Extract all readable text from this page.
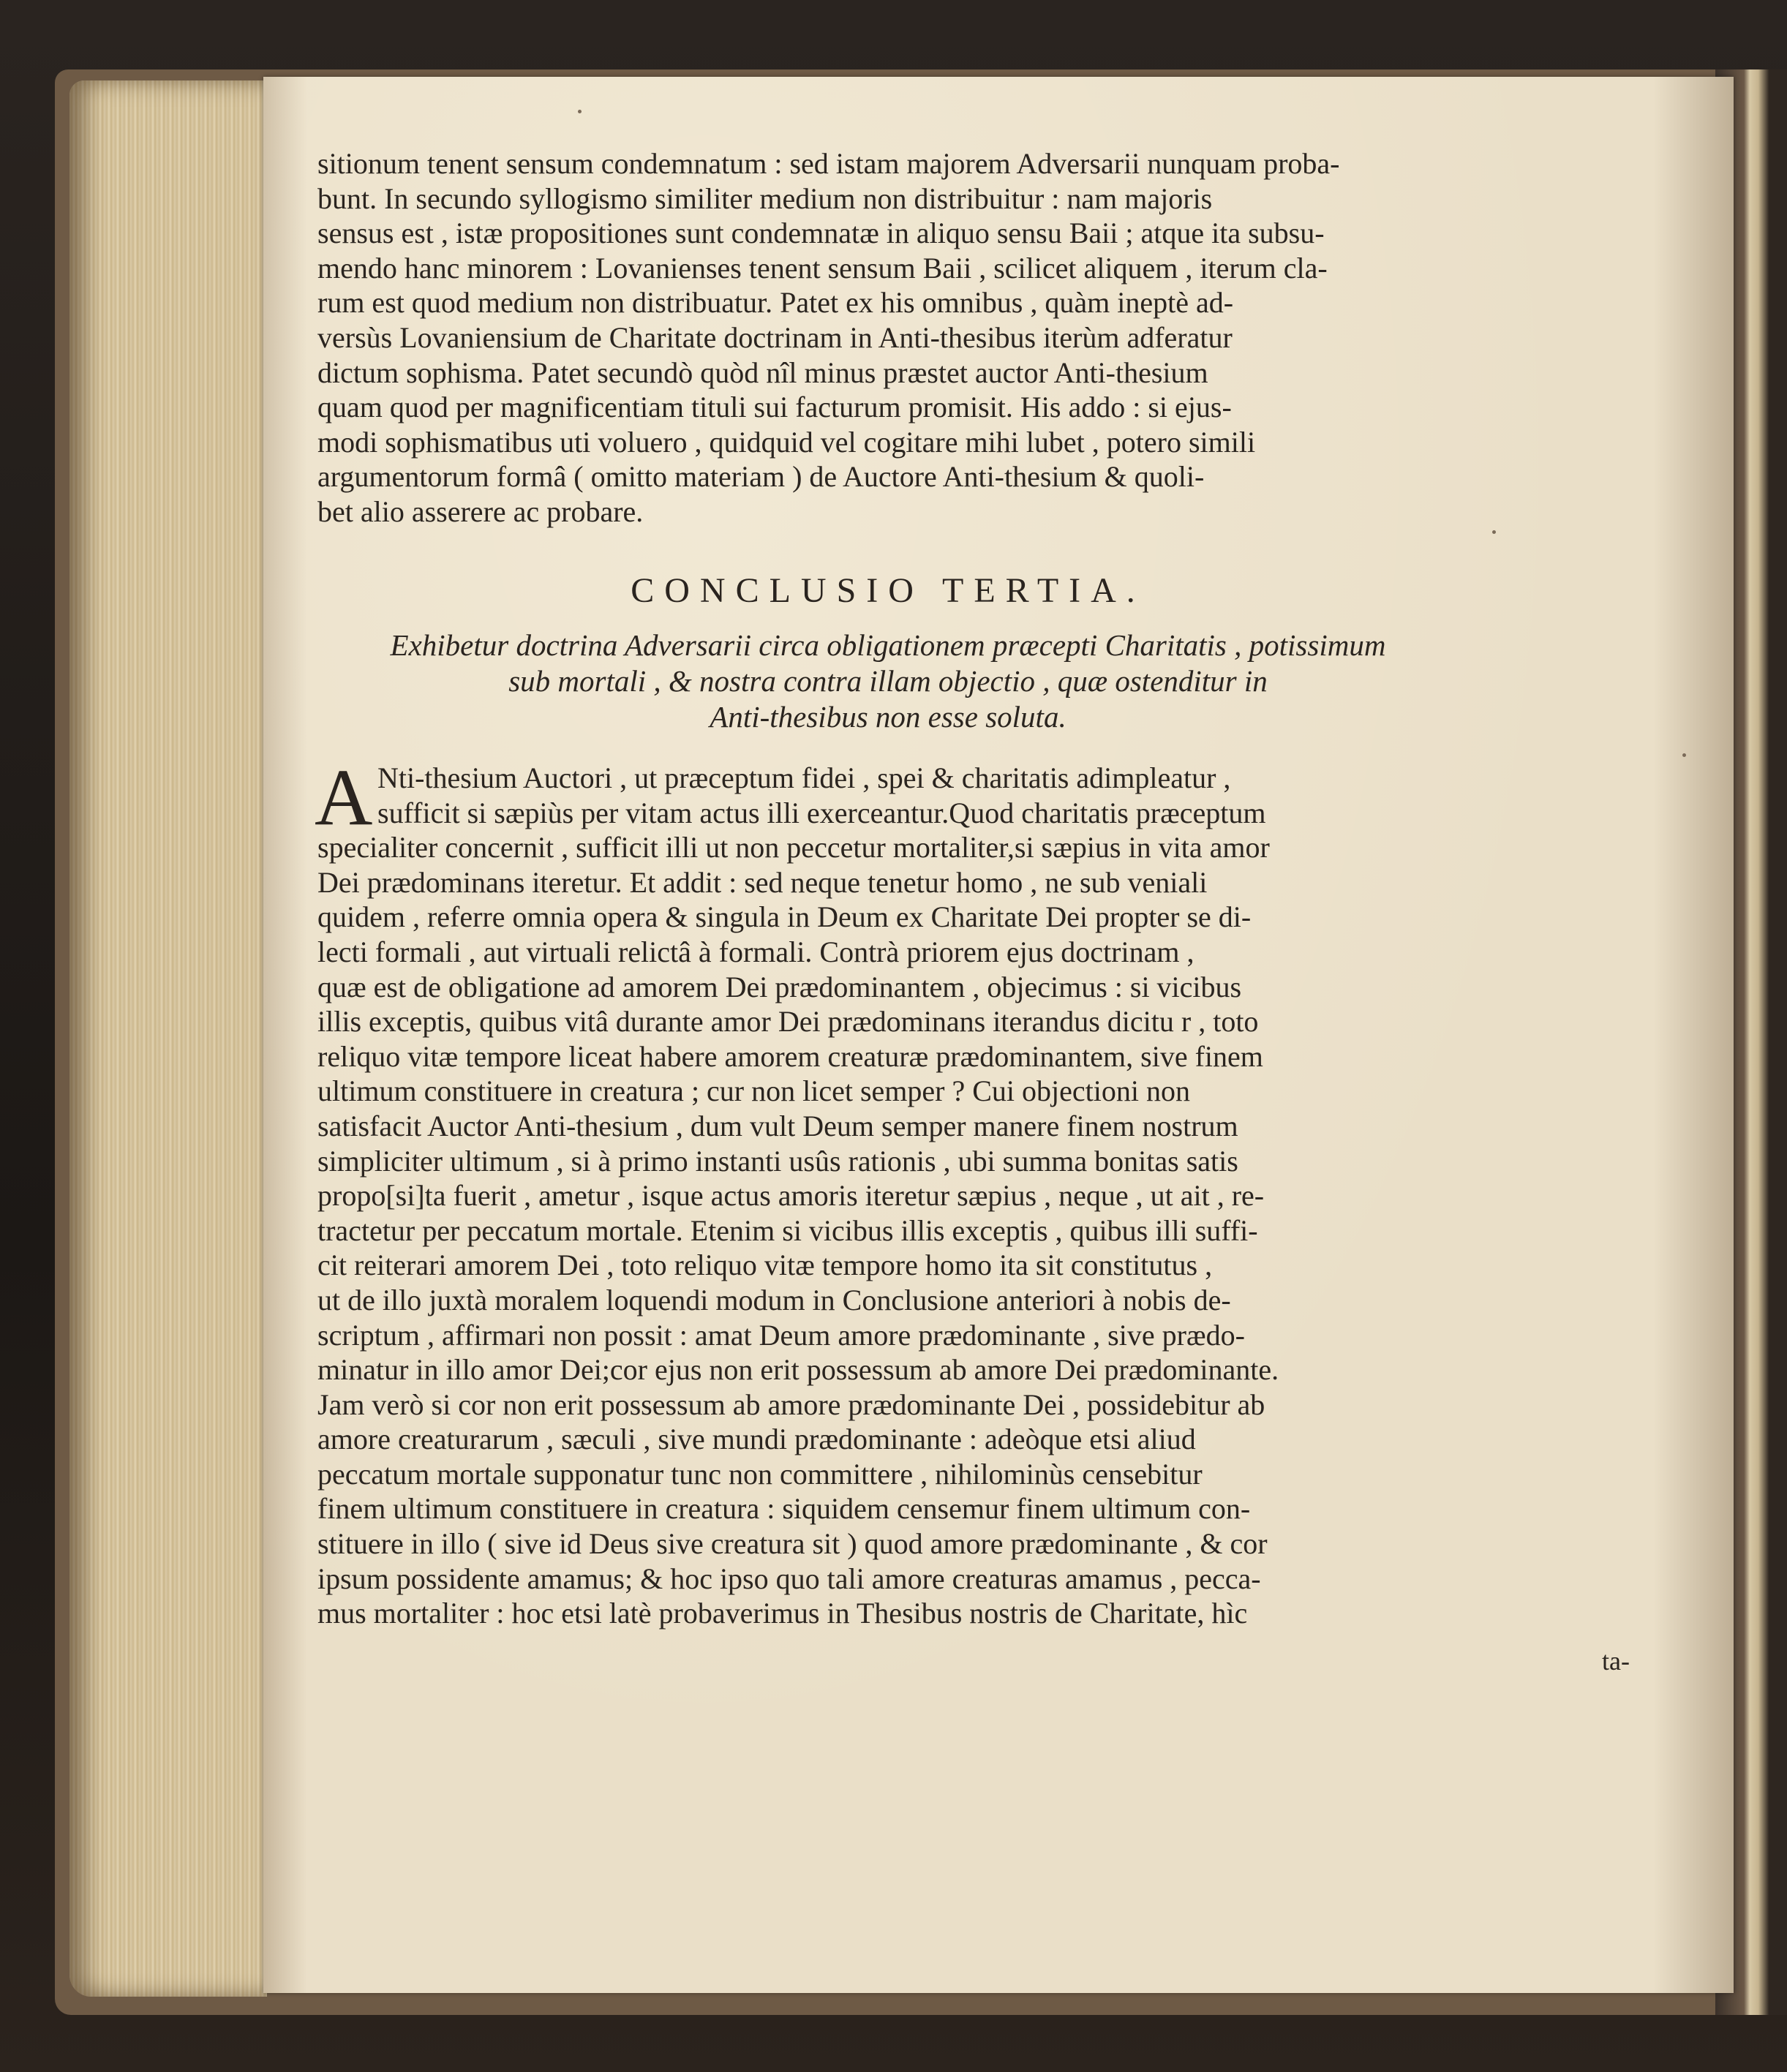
sitionum tenent sensum condemnatum : sed istam majorem Adversarii nunquam proba-
bunt. In secundo syllogismo similiter medium non distribuitur : nam majoris
sensus est , istæ propositiones sunt condemnatæ in aliquo sensu Baii ; atque ita subsu-
mendo hanc minorem : Lovanienses tenent sensum Baii , scilicet aliquem , iterum cla-
rum est quod medium non distribuatur. Patet ex his omnibus , quàm ineptè ad-
versùs Lovaniensium de Charitate doctrinam in Anti-thesibus iterùm adferatur
dictum sophisma. Patet secundò quòd nîl minus præstet auctor Anti-thesium
quam quod per magnificentiam tituli sui facturum promisit. His addo : si ejus-
modi sophismatibus uti voluero , quidquid vel cogitare mihi lubet , potero simili
argumentorum formâ ( omitto materiam ) de Auctore Anti-thesium & quoli-
bet alio asserere ac probare.
CONCLUSIO TERTIA.
Exhibetur doctrina Adversarii circa obligationem præcepti Charitatis , potissimum
sub mortali , & nostra contra illam objectio , quæ ostenditur in
Anti-thesibus non esse soluta.
A Nti-thesium Auctori , ut præceptum fidei , spei & charitatis adimpleatur ,
sufficit si sæpiùs per vitam actus illi exerceantur.Quod charitatis præceptum
specialiter concernit , sufficit illi ut non peccetur mortaliter,si sæpius in vita amor
Dei prædominans iteretur. Et addit : sed neque tenetur homo , ne sub veniali
quidem , referre omnia opera & singula in Deum ex Charitate Dei propter se di-
lecti formali , aut virtuali relictâ à formali. Contrà priorem ejus doctrinam ,
quæ est de obligatione ad amorem Dei prædominantem , objecimus : si vicibus
illis exceptis, quibus vitâ durante amor Dei prædominans iterandus dicitu r , toto
reliquo vitæ tempore liceat habere amorem creaturæ prædominantem, sive finem
ultimum constituere in creatura ; cur non licet semper ? Cui objectioni non
satisfacit Auctor Anti-thesium , dum vult Deum semper manere finem nostrum
simpliciter ultimum , si à primo instanti usûs rationis , ubi summa bonitas satis
propo[si]ta fuerit , ametur , isque actus amoris iteretur sæpius , neque , ut ait , re-
tractetur per peccatum mortale. Etenim si vicibus illis exceptis , quibus illi suffi-
cit reiterari amorem Dei , toto reliquo vitæ tempore homo ita sit constitutus ,
ut de illo juxtà moralem loquendi modum in Conclusione anteriori à nobis de-
scriptum , affirmari non possit : amat Deum amore prædominante , sive prædo-
minatur in illo amor Dei;cor ejus non erit possessum ab amore Dei prædominante.
Jam verò si cor non erit possessum ab amore prædominante Dei , possidebitur ab
amore creaturarum , sæculi , sive mundi prædominante : adeòque etsi aliud
peccatum mortale supponatur tunc non committere , nihilominùs censebitur
finem ultimum constituere in creatura : siquidem censemur finem ultimum con-
stituere in illo ( sive id Deus sive creatura sit ) quod amore prædominante , & cor
ipsum possidente amamus; & hoc ipso quo tali amore creaturas amamus , pecca-
mus mortaliter : hoc etsi latè probaverimus in Thesibus nostris de Charitate, hìc
ta-
